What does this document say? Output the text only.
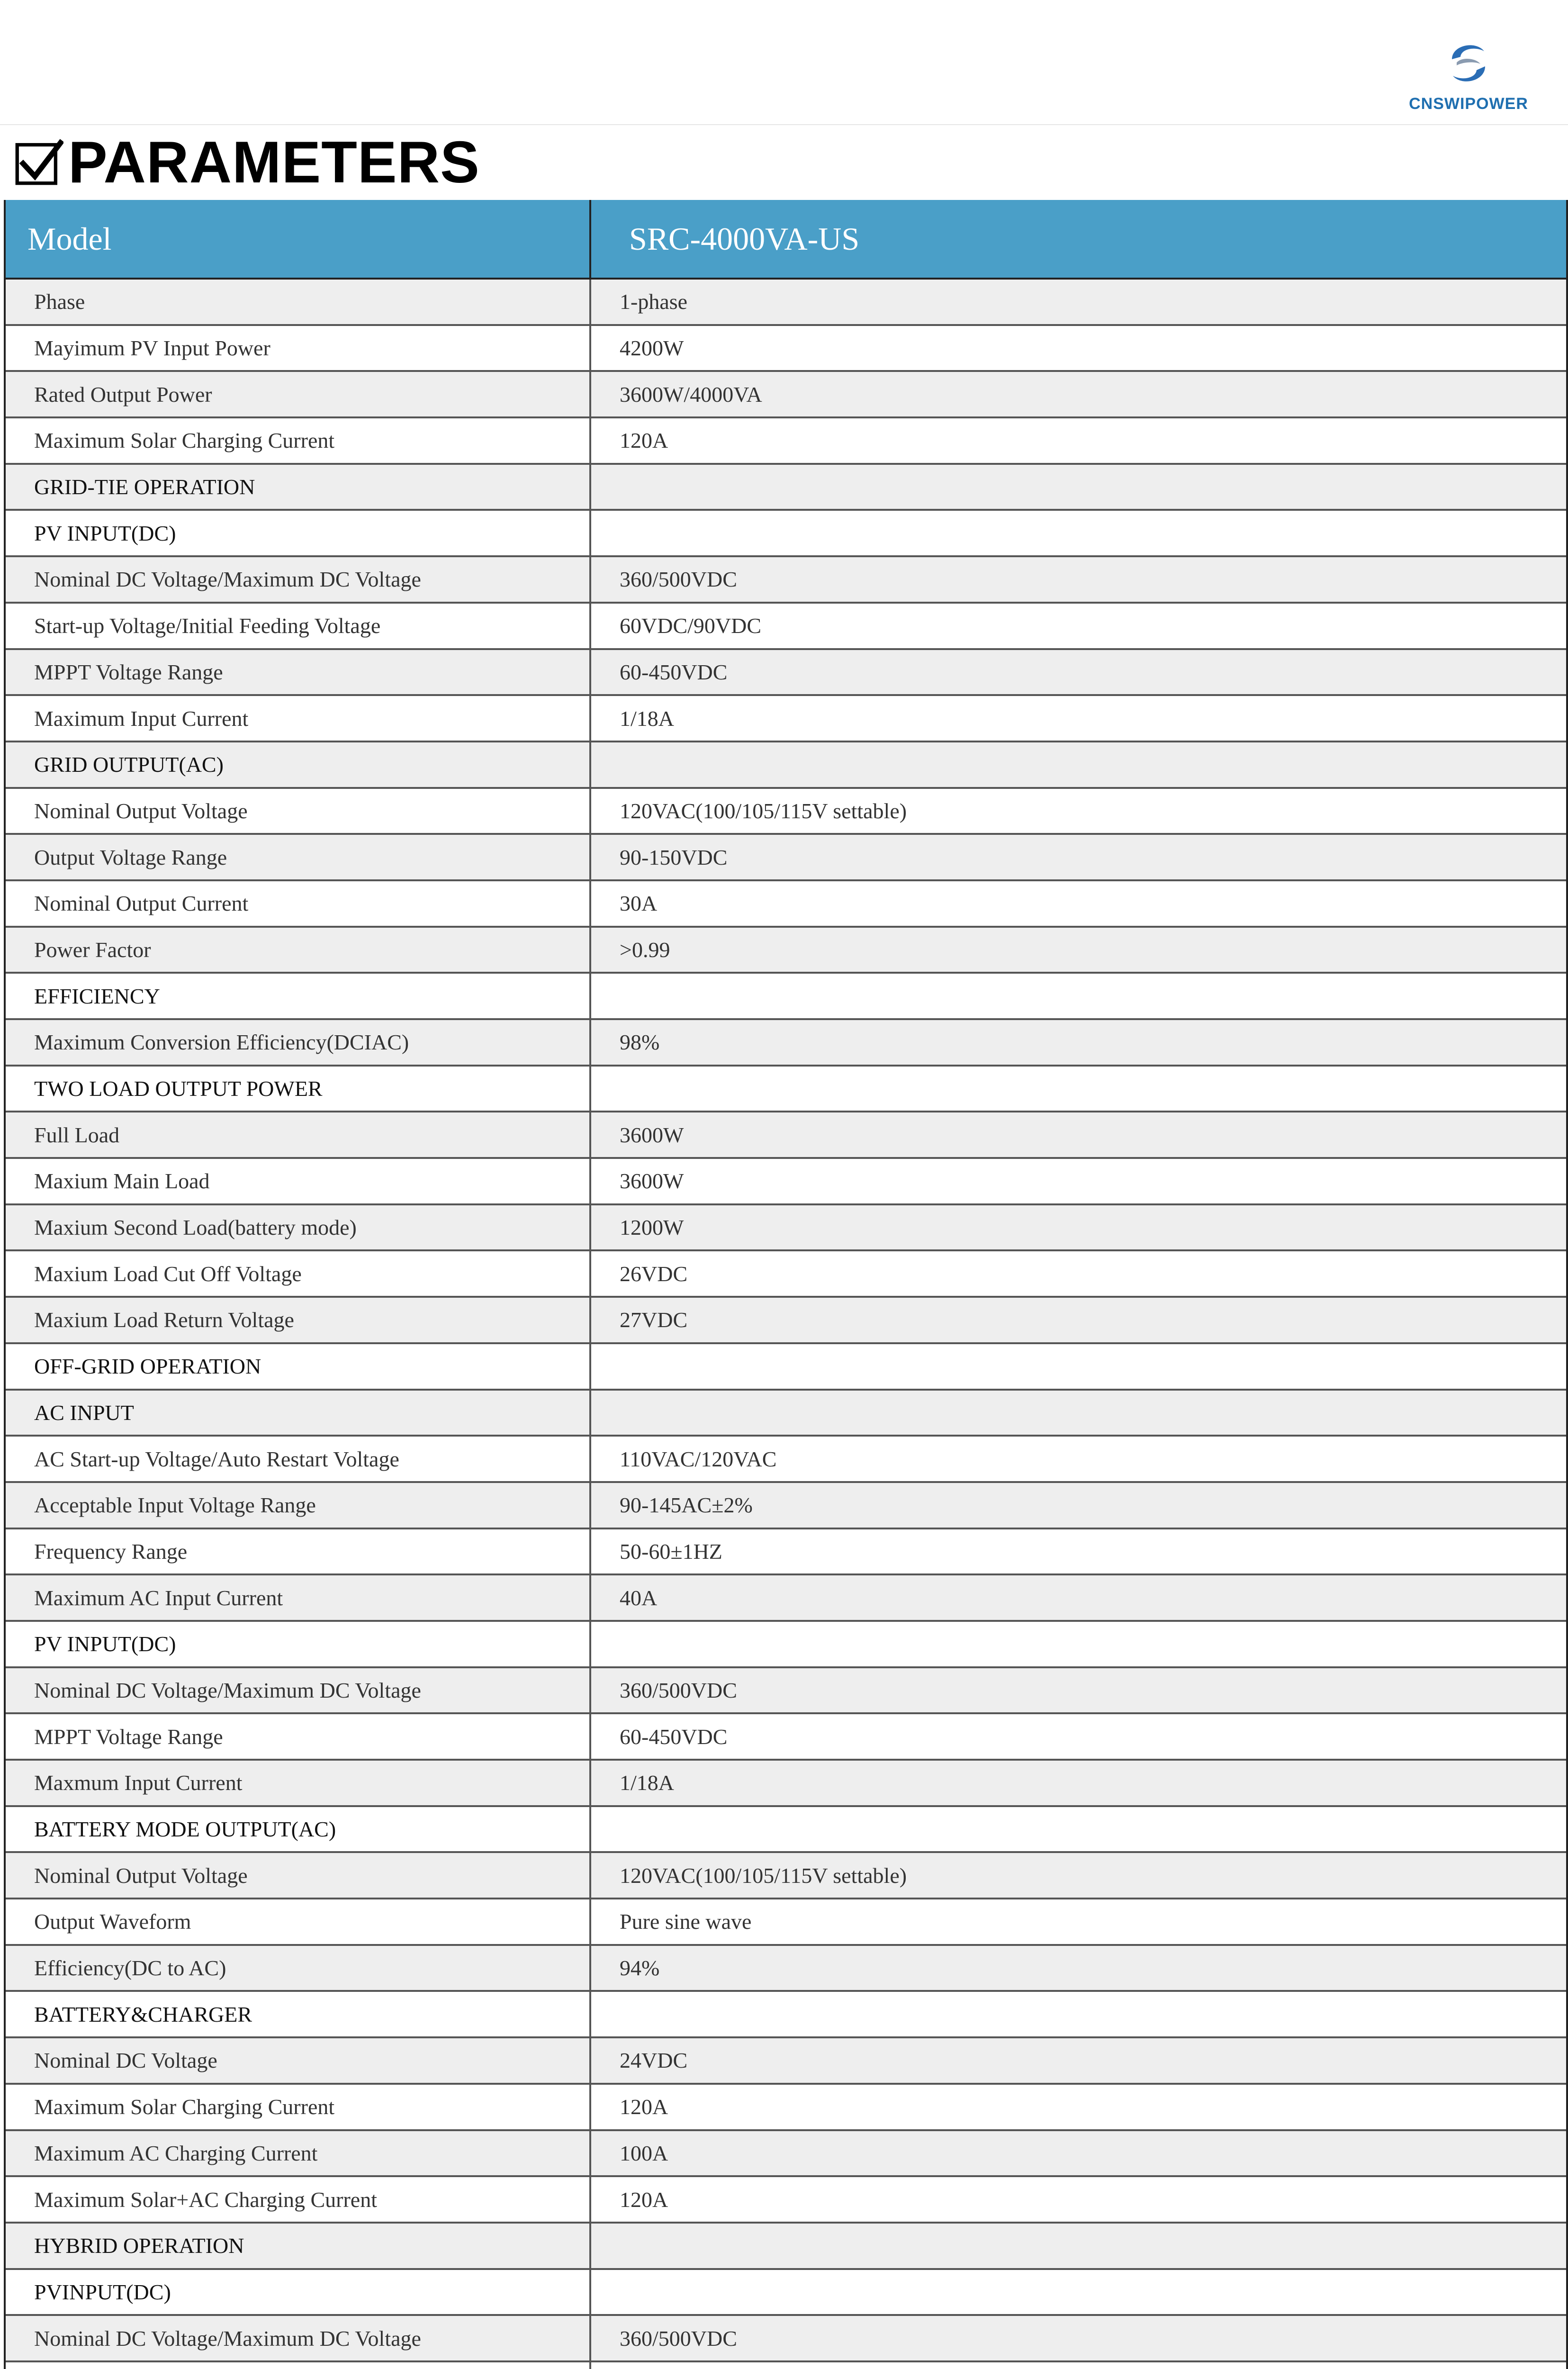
CNSWIPOWER
PARAMETERS
Model	SRC-4000VA-US
Phase	1-phase
Mayimum PV Input Power	4200W
Rated Output Power	3600W/4000VA
Maximum Solar Charging Current	120A
GRID-TIE OPERATION
PV INPUT(DC)
Nominal DC Voltage/Maximum DC Voltage	360/500VDC
Start-up Voltage/Initial Feeding Voltage	60VDC/90VDC
MPPT Voltage Range	60-450VDC
Maximum Input Current	1/18A
GRID OUTPUT(AC)
Nominal Output Voltage	120VAC(100/105/115V settable)
Output Voltage Range	90-150VDC
Nominal Output Current	30A
Power Factor	>0.99
EFFICIENCY
Maximum Conversion Efficiency(DCIAC)	98%
TWO LOAD OUTPUT POWER
Full Load	3600W
Maxium Main Load	3600W
Maxium Second Load(battery mode)	1200W
Maxium Load Cut Off Voltage	26VDC
Maxium Load Return Voltage	27VDC
OFF-GRID OPERATION
AC INPUT
AC Start-up Voltage/Auto Restart Voltage	110VAC/120VAC
Acceptable Input Voltage Range	90-145AC±2%
Frequency Range	50-60±1HZ
Maximum AC Input Current	40A
PV INPUT(DC)
Nominal DC Voltage/Maximum DC Voltage	360/500VDC
MPPT Voltage Range	60-450VDC
Maxmum Input Current	1/18A
BATTERY MODE OUTPUT(AC)
Nominal Output Voltage	120VAC(100/105/115V settable)
Output Waveform	Pure sine wave
Efficiency(DC to AC)	94%
BATTERY&CHARGER
Nominal DC Voltage	24VDC
Maximum Solar Charging Current	120A
Maximum AC Charging Current	100A
Maximum Solar+AC Charging Current	120A
HYBRID OPERATION
PVINPUT(DC)
Nominal DC Voltage/Maximum DC Voltage	360/500VDC
